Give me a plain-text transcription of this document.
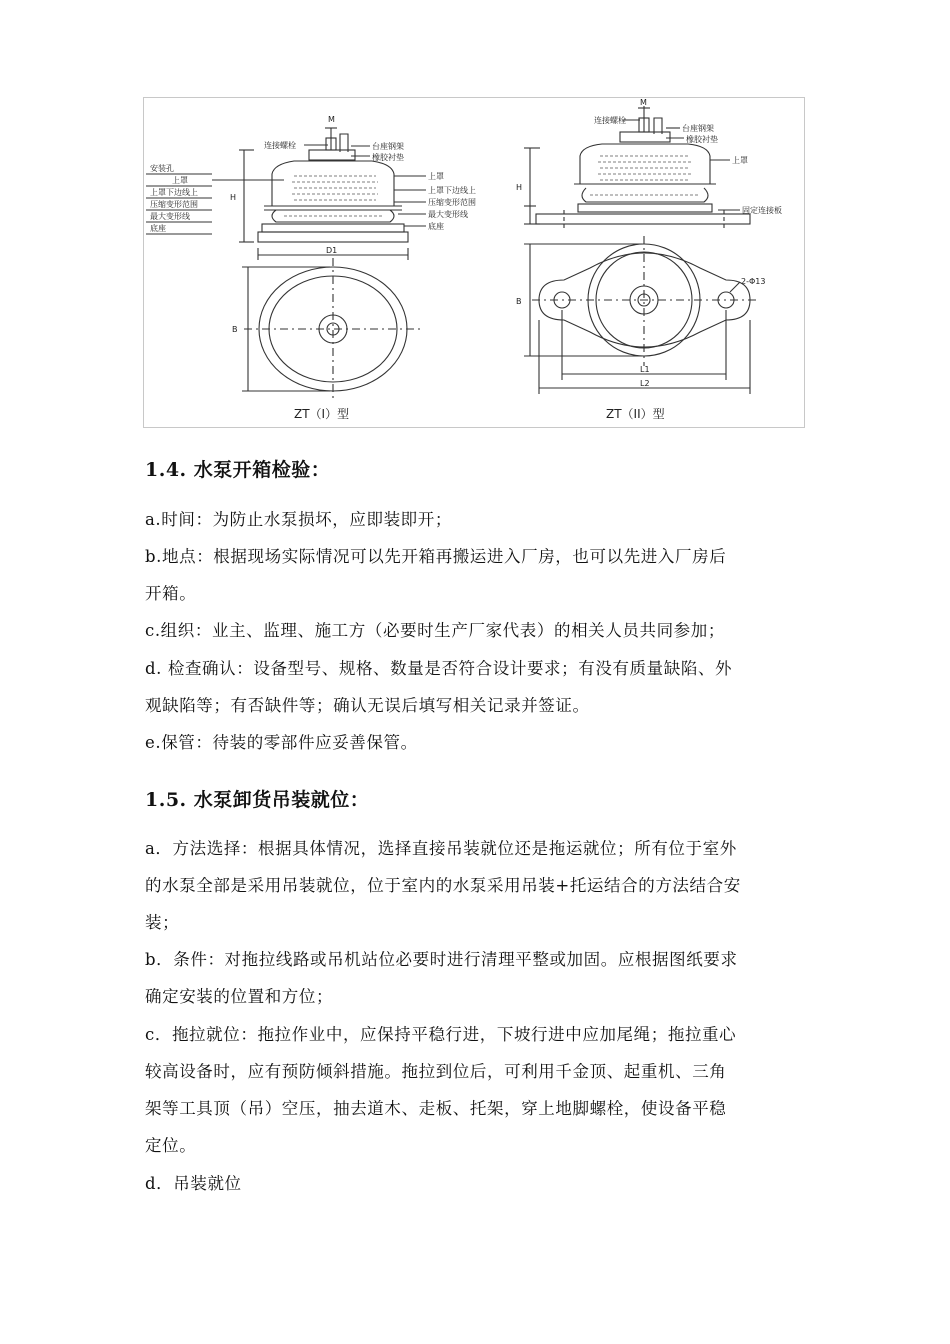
安装孔
上罩
上罩下边线上
压缩变形范围
最大变形线
底座
连接螺栓	台座钢架
橡胶衬垫
上罩
上罩下边线上
压缩变形范围
最大变形线
底座
M
H
D1
B
连接螺栓
台座钢架
橡胶衬垫
上罩
固定连接板
2-Φ13
M
H
B
L1
L2
ZT（I）型	ZT（II）型
1.4. 水泵开箱检验：

a.时间：为防止水泵损坏，应即装即开；

b.地点：根据现场实际情况可以先开箱再搬运进入厂房，也可以先进入厂房后

开箱。

c.组织：业主、监理、施工方（必要时生产厂家代表）的相关人员共同参加；

d. 检查确认：设备型号、规格、数量是否符合设计要求；有没有质量缺陷、外

观缺陷等；有否缺件等；确认无误后填写相关记录并签证。

e.保管：待装的零部件应妥善保管。

1.5. 水泵卸货吊装就位：

a．方法选择：根据具体情况，选择直接吊装就位还是拖运就位；所有位于室外

的水泵全部是采用吊装就位，位于室内的水泵采用吊装+托运结合的方法结合安

装；

b．条件：对拖拉线路或吊机站位必要时进行清理平整或加固。应根据图纸要求

确定安装的位置和方位；

c．拖拉就位：拖拉作业中，应保持平稳行进，下坡行进中应加尾绳；拖拉重心

较高设备时，应有预防倾斜措施。拖拉到位后，可利用千金顶、起重机、三角

架等工具顶（吊）空压，抽去道木、走板、托架，穿上地脚螺栓，使设备平稳

定位。

d．吊装就位
